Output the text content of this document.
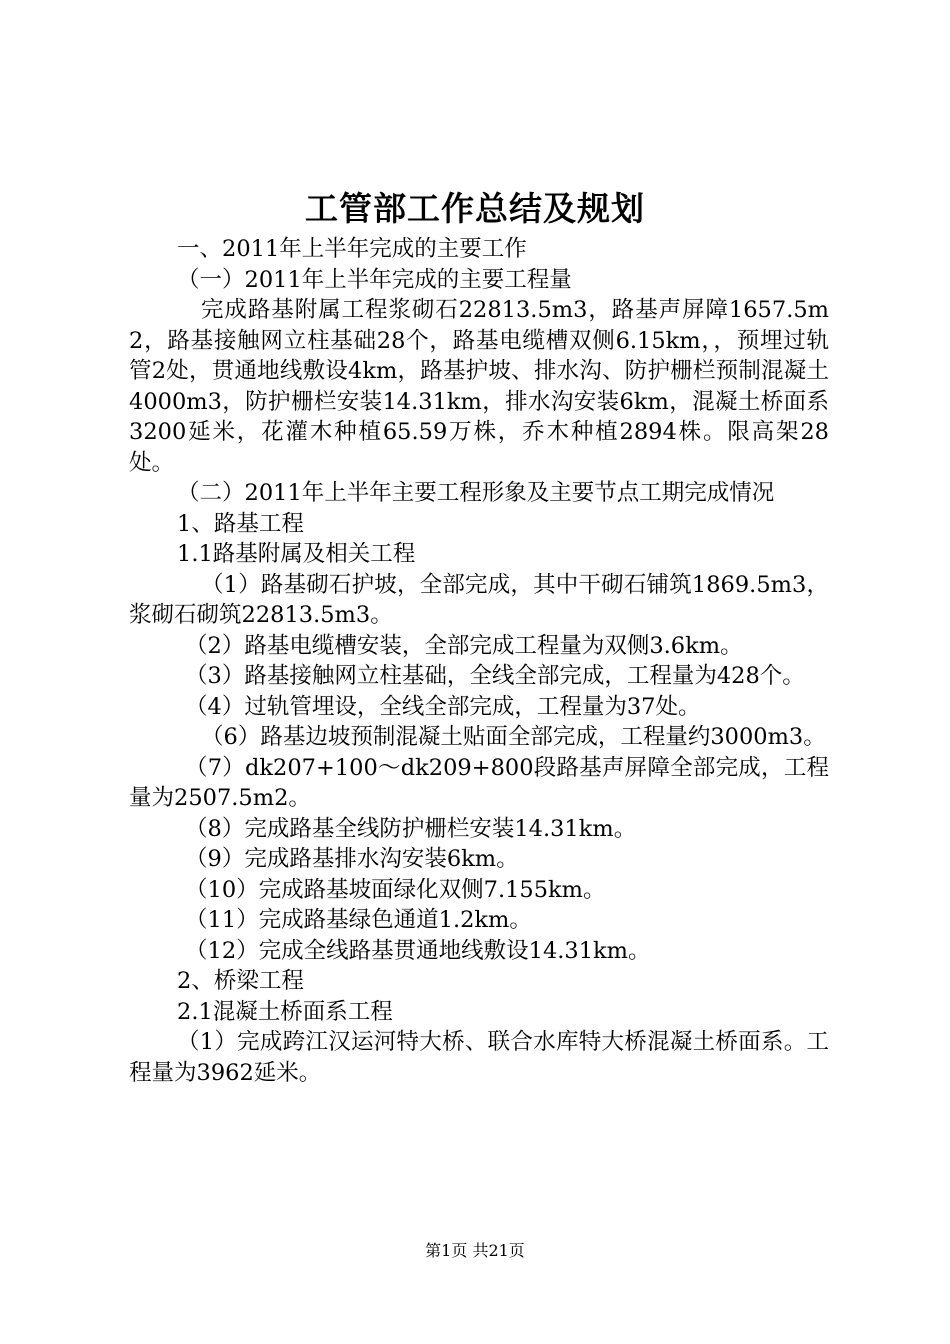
工管部工作总结及规划

一、2011年上半年完成的主要工作

（一）2011年上半年完成的主要工程量

完成路基附属工程浆砌石22813.5m3，路基声屏障1657.5m2，路基接触网立柱基础28个，路基电缆槽双侧6.15km，，预埋过轨管2处，贯通地线敷设4km，路基护坡、排水沟、防护栅栏预制混凝土4000m3，防护栅栏安装14.31km，排水沟安装6km，混凝土桥面系3200延米，花灌木种植65.59万株，乔木种植2894株。限高架28处。

（二）2011年上半年主要工程形象及主要节点工期完成情况

1、路基工程

1.1路基附属及相关工程

（1）路基砌石护坡，全部完成，其中干砌石铺筑1869.5m3，浆砌石砌筑22813.5m3。

（2）路基电缆槽安装，全部完成工程量为双侧3.6km。

（3）路基接触网立柱基础，全线全部完成，工程量为428个。

（4）过轨管埋设，全线全部完成，工程量为37处。

（6）路基边坡预制混凝土贴面全部完成，工程量约3000m3。

（7）dk207+100～dk209+800段路基声屏障全部完成，工程量为2507.5m2。

（8）完成路基全线防护栅栏安装14.31km。

（9）完成路基排水沟安装6km。

（10）完成路基坡面绿化双侧7.155km。

（11）完成路基绿色通道1.2km。

（12）完成全线路基贯通地线敷设14.31km。

2、桥梁工程

2.1混凝土桥面系工程

（1）完成跨江汉运河特大桥、联合水库特大桥混凝土桥面系。工程量为3962延米。

第1页 共21页
